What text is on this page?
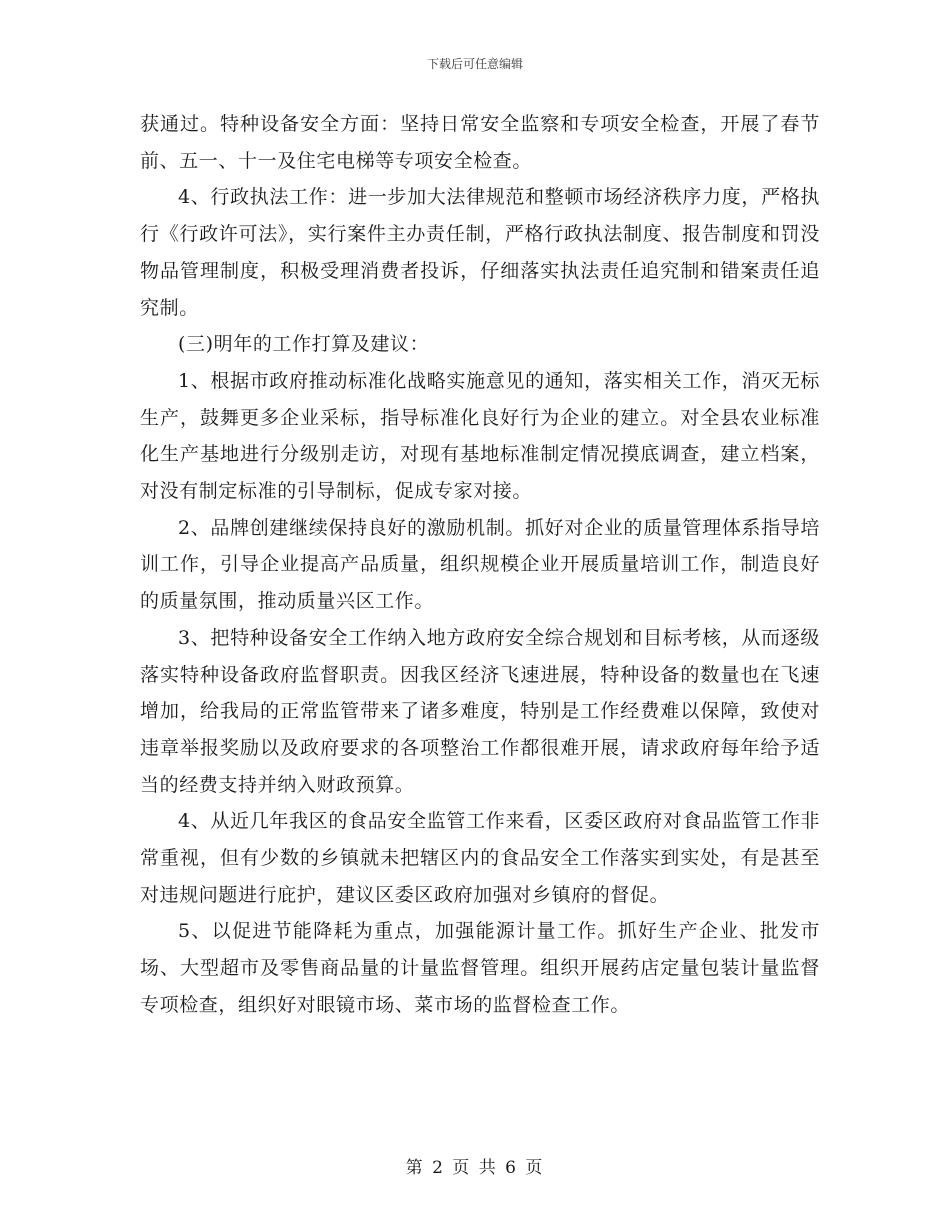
下载后可任意编辑

获通过。特种设备安全方面：坚持日常安全监察和专项安全检查，开展了春节前、五一、十一及住宅电梯等专项安全检查。

4、行政执法工作：进一步加大法律规范和整顿市场经济秩序力度，严格执行《行政许可法》，实行案件主办责任制，严格行政执法制度、报告制度和罚没物品管理制度，积极受理消费者投诉，仔细落实执法责任追究制和错案责任追究制。

(三)明年的工作打算及建议：

1、根据市政府推动标准化战略实施意见的通知，落实相关工作，消灭无标生产，鼓舞更多企业采标，指导标准化良好行为企业的建立。对全县农业标准化生产基地进行分级别走访，对现有基地标准制定情况摸底调查，建立档案，对没有制定标准的引导制标，促成专家对接。

2、品牌创建继续保持良好的激励机制。抓好对企业的质量管理体系指导培训工作，引导企业提高产品质量，组织规模企业开展质量培训工作，制造良好的质量氛围，推动质量兴区工作。

3、把特种设备安全工作纳入地方政府安全综合规划和目标考核，从而逐级落实特种设备政府监督职责。因我区经济飞速进展，特种设备的数量也在飞速增加，给我局的正常监管带来了诸多难度，特别是工作经费难以保障，致使对违章举报奖励以及政府要求的各项整治工作都很难开展，请求政府每年给予适当的经费支持并纳入财政预算。

4、从近几年我区的食品安全监管工作来看，区委区政府对食品监管工作非常重视，但有少数的乡镇就未把辖区内的食品安全工作落实到实处，有是甚至对违规问题进行庇护，建议区委区政府加强对乡镇府的督促。

5、以促进节能降耗为重点，加强能源计量工作。抓好生产企业、批发市场、大型超市及零售商品量的计量监督管理。组织开展药店定量包装计量监督专项检查，组织好对眼镜市场、菜市场的监督检查工作。

第 2 页 共 6 页
